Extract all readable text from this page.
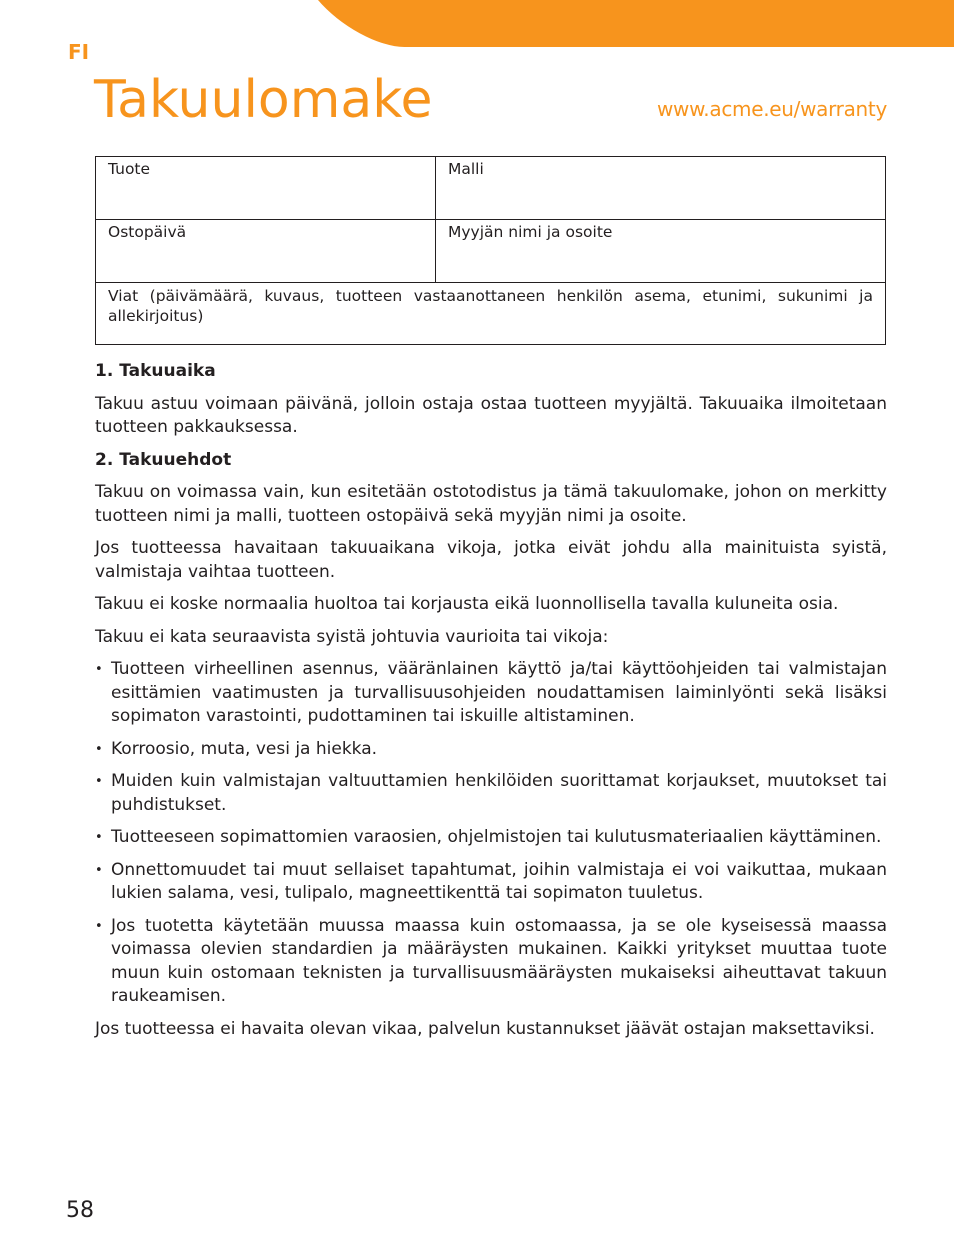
FI
Takuulomake	www.acme.eu/warranty
Tuote	Malli
Ostopäivä	Myyjän nimi ja osoite
Viat (päivämäärä, kuvaus, tuotteen vastaanottaneen henkilön asema, etunimi, sukunimi ja allekirjoitus)	
1. Takuuaika

Takuu astuu voimaan päivänä, jolloin ostaja ostaa tuotteen myyjältä. Takuuaika ilmoitetaan tuotteen pakkauksessa.

2. Takuuehdot

Takuu on voimassa vain, kun esitetään ostotodistus ja tämä takuulomake, johon on merkitty tuotteen nimi ja malli, tuotteen ostopäivä sekä myyjän nimi ja osoite.

Jos tuotteessa havaitaan takuuaikana vikoja, jotka eivät johdu alla mainituista syistä, valmistaja vaihtaa tuotteen.

Takuu ei koske normaalia huoltoa tai korjausta eikä luonnollisella tavalla kuluneita osia.

Takuu ei kata seuraavista syistä johtuvia vaurioita tai vikoja:

• Tuotteen virheellinen asennus, vääränlainen käyttö ja/tai käyttöohjeiden tai valmistajan esittämien vaatimusten ja turvallisuusohjeiden noudattamisen laiminlyönti sekä lisäksi sopimaton varastointi, pudottaminen tai iskuille altistaminen.
• Korroosio, muta, vesi ja hiekka.
• Muiden kuin valmistajan valtuuttamien henkilöiden suorittamat korjaukset, muutokset tai puhdistukset.
• Tuotteeseen sopimattomien varaosien, ohjelmistojen tai kulutusmateriaalien käyttäminen.
• Onnettomuudet tai muut sellaiset tapahtumat, joihin valmistaja ei voi vaikuttaa, mukaan lukien salama, vesi, tulipalo, magneettikenttä tai sopimaton tuuletus.
• Jos tuotetta käytetään muussa maassa kuin ostomaassa, ja se ole kyseisessä maassa voimassa olevien standardien ja määräysten mukainen. Kaikki yritykset muuttaa tuote muun kuin ostomaan teknisten ja turvallisuusmääräysten mukaiseksi aiheuttavat takuun raukeamisen.

Jos tuotteessa ei havaita olevan vikaa, palvelun kustannukset jäävät ostajan maksettaviksi.

58
